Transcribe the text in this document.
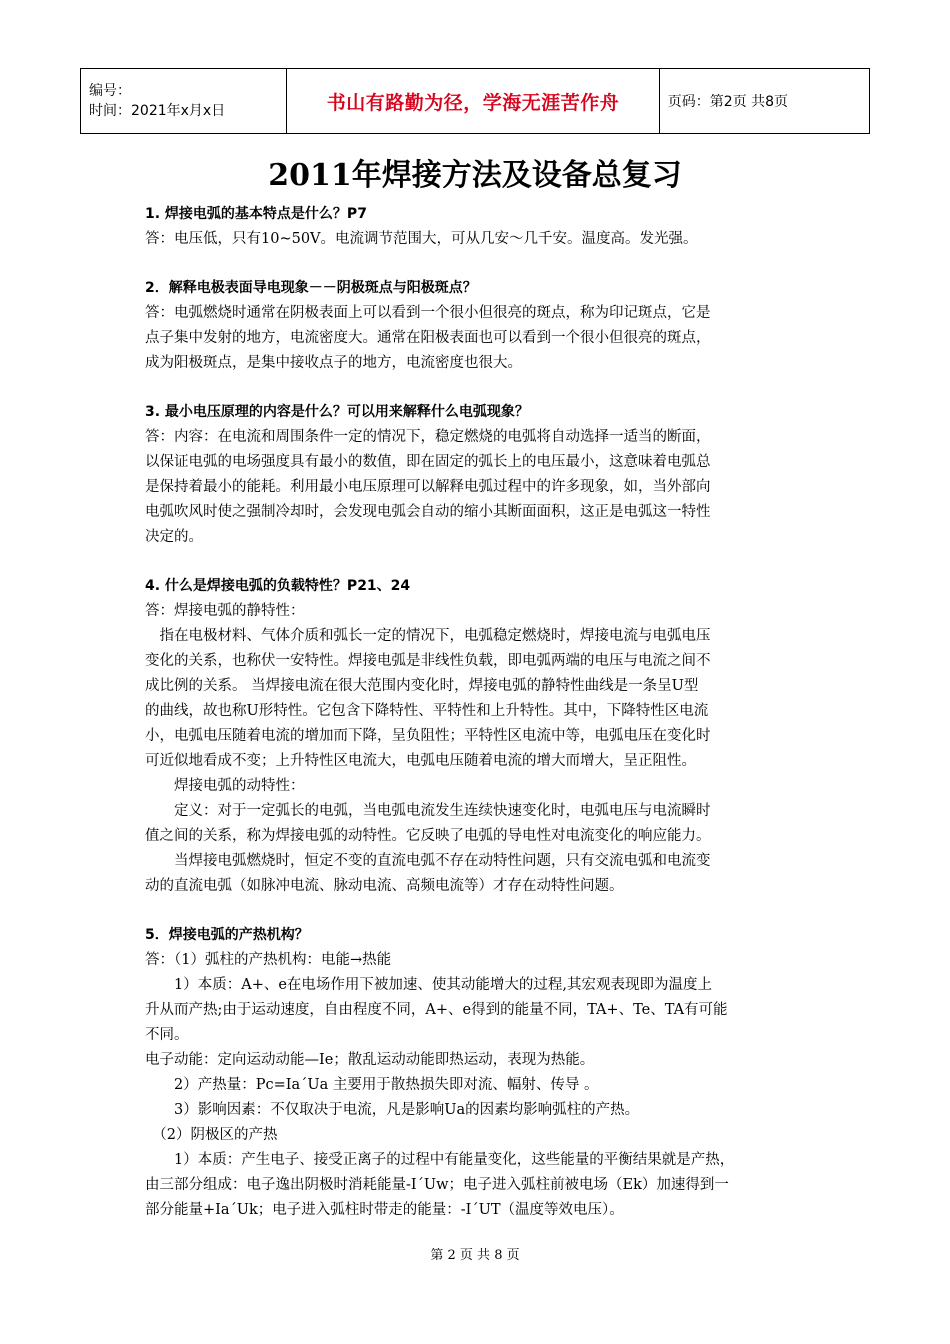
编号：
时间：2021年x月x日	书山有路勤为径，学海无涯苦作舟	页码：第2页 共8页
2011年焊接方法及设备总复习

1. 焊接电弧的基本特点是什么？P7

答：电压低，只有10~50V。电流调节范围大，可从几安～几千安。温度高。发光强。

2．解释电极表面导电现象－－阴极斑点与阳极斑点？

答：电弧燃烧时通常在阴极表面上可以看到一个很小但很亮的斑点，称为印记斑点，它是

点子集中发射的地方，电流密度大。通常在阳极表面也可以看到一个很小但很亮的斑点，

成为阳极斑点，是集中接收点子的地方，电流密度也很大。

3. 最小电压原理的内容是什么？可以用来解释什么电弧现象？

答：内容：在电流和周围条件一定的情况下，稳定燃烧的电弧将自动选择一适当的断面，

以保证电弧的电场强度具有最小的数值，即在固定的弧长上的电压最小，这意味着电弧总

是保持着最小的能耗。利用最小电压原理可以解释电弧过程中的许多现象，如，当外部向

电弧吹风时使之强制冷却时，会发现电弧会自动的缩小其断面面积，这正是电弧这一特性

决定的。

4. 什么是焊接电弧的负载特性？P21、24

答：焊接电弧的静特性：

　指在电极材料、气体介质和弧长一定的情况下，电弧稳定燃烧时，焊接电流与电弧电压

变化的关系，也称伏一安特性。焊接电弧是非线性负载，即电弧两端的电压与电流之间不

成比例的关系。 当焊接电流在很大范围内变化时，焊接电弧的静特性曲线是一条呈U型

的曲线，故也称U形特性。它包含下降特性、平特性和上升特性。其中，下降特性区电流

小，电弧电压随着电流的增加而下降，呈负阻性；平特性区电流中等，电弧电压在变化时

可近似地看成不变；上升特性区电流大，电弧电压随着电流的增大而增大，呈正阻性。

　　焊接电弧的动特性：

　　定义：对于一定弧长的电弧，当电弧电流发生连续快速变化时，电弧电压与电流瞬时

值之间的关系，称为焊接电弧的动特性。它反映了电弧的导电性对电流变化的响应能力。

　　当焊接电弧燃烧时，恒定不变的直流电弧不存在动特性问题，只有交流电弧和电流变

动的直流电弧（如脉冲电流、脉动电流、高频电流等）才存在动特性问题。

5．焊接电弧的产热机构？

答：（1）弧柱的产热机构：电能→热能

　　1）本质：A+、e在电场作用下被加速、使其动能增大的过程,其宏观表现即为温度上

升从而产热;由于运动速度，自由程度不同，A+、e得到的能量不同，TA+、Te、TA有可能

不同。

电子动能：定向运动动能—Ie；散乱运动动能即热运动，表现为热能。

　　2）产热量：Pc=Ia´Ua 主要用于散热损失即对流、幅射、传导 。

　　3）影响因素：不仅取决于电流，凡是影响Ua的因素均影响弧柱的产热。

　（2）阴极区的产热

　　1）本质：产生电子、接受正离子的过程中有能量变化，这些能量的平衡结果就是产热，

由三部分组成：电子逸出阴极时消耗能量-I´Uw；电子进入弧柱前被电场（Ek）加速得到一

部分能量+Ia´Uk；电子进入弧柱时带走的能量：-I´UT（温度等效电压）。

第 2 页 共 8 页
